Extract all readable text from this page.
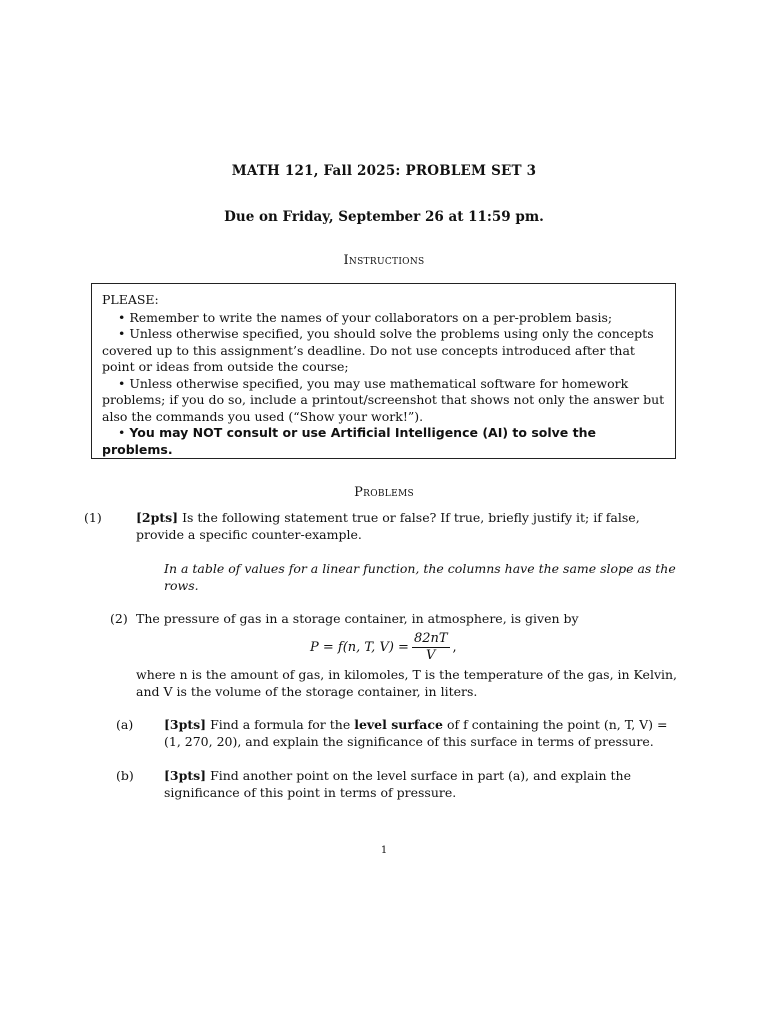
MATH 121, Fall 2025: PROBLEM SET 3
Due on Friday, September 26 at 11:59 pm.
Instructions

PLEASE:

• Remember to write the names of your collaborators on a per-problem basis;

• Unless otherwise specified, you should solve the problems using only the concepts covered up to this assignment’s deadline. Do not use concepts introduced after that point or ideas from outside the course;

• Unless otherwise specified, you may use mathematical software for homework problems; if you do so, include a printout/screenshot that shows not only the answer but also the commands you used (“Show your work!”).

• You may NOT consult or use Artificial Intelligence (AI) to solve the problems.

Problems
(1)	[2pts] Is the following statement true or false? If true, briefly justify it; if false, provide a specific counter-example.
In a table of values for a linear function, the columns have the same slope as the rows.
(2) The pressure of gas in a storage container, in atmosphere, is given by
P = f(n, T, $V) = \frac{82nT}{V}$ ,
where n is the amount of gas, in kilomoles, T is the temperature of the gas, in Kelvin, and V is the volume of the storage container, in liters.
(a) [3pts] Find a formula for the level surface of f containing the point (n, T, V) = (1, 270, 20), and explain the significance of this surface in terms of pressure.
(b) [3pts] Find another point on the level surface in part (a), and explain the significance of this point in terms of pressure.
1
